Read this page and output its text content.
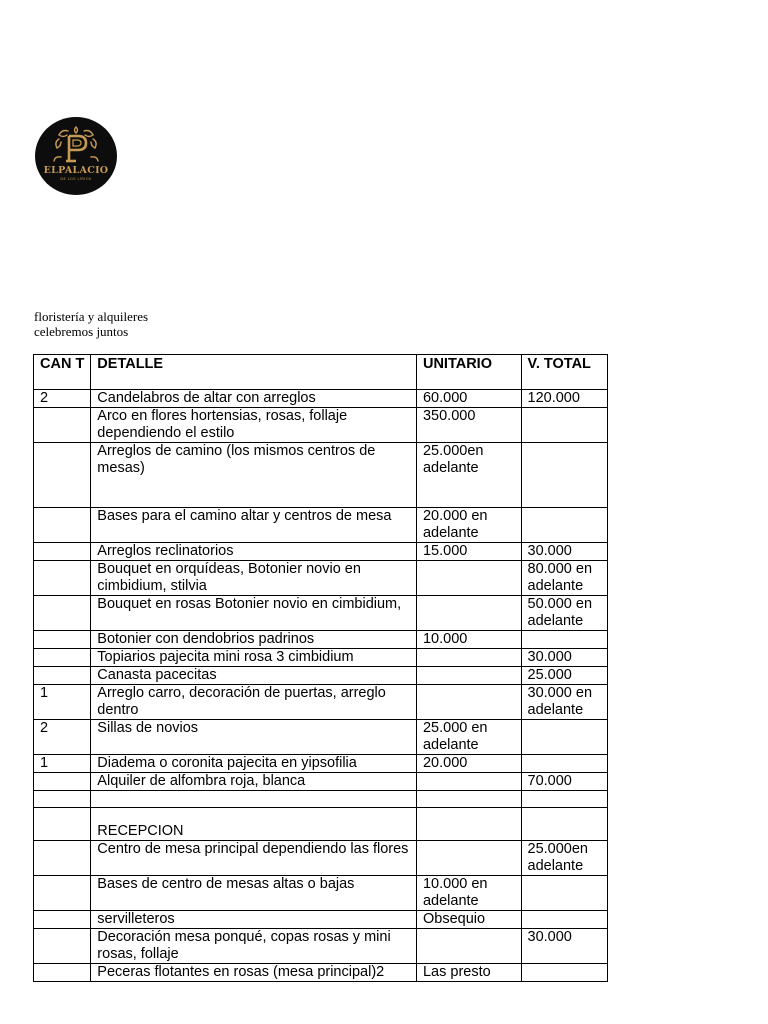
ELPALACIO
DE LOS LIRIOS
floristería y alquileres
celebremos juntos
CAN T	DETALLE	UNITARIO	V. TOTAL
2	Candelabros de altar con arreglos	60.000	120.000
	Arco en flores hortensias, rosas, follaje dependiendo el estilo	350.000	
	Arreglos de camino (los mismos centros de mesas)	25.000en adelante	
	Bases para el camino altar y centros de mesa	20.000 en adelante	
	Arreglos reclinatorios	15.000	30.000
	Bouquet en orquídeas, Botonier novio en cimbidium, stilvia		80.000 en adelante
	Bouquet en rosas Botonier novio en cimbidium,		50.000 en adelante
	Botonier con dendobrios padrinos	10.000	
	Topiarios pajecita mini rosa 3 cimbidium		30.000
	Canasta pacecitas		25.000
1	Arreglo carro, decoración de puertas, arreglo dentro		30.000 en adelante
2	Sillas de novios	25.000 en adelante	
1	Diadema o coronita pajecita en yipsofilia	20.000	
	Alquiler de alfombra roja, blanca		70.000

	RECEPCION		
	Centro de mesa principal dependiendo las flores		25.000en adelante
	Bases de centro de mesas altas o bajas	10.000 en adelante	
	servilleteros	Obsequio	
	Decoración mesa ponqué, copas rosas y mini rosas, follaje		30.000
	Peceras flotantes en rosas (mesa principal)2	Las presto	
